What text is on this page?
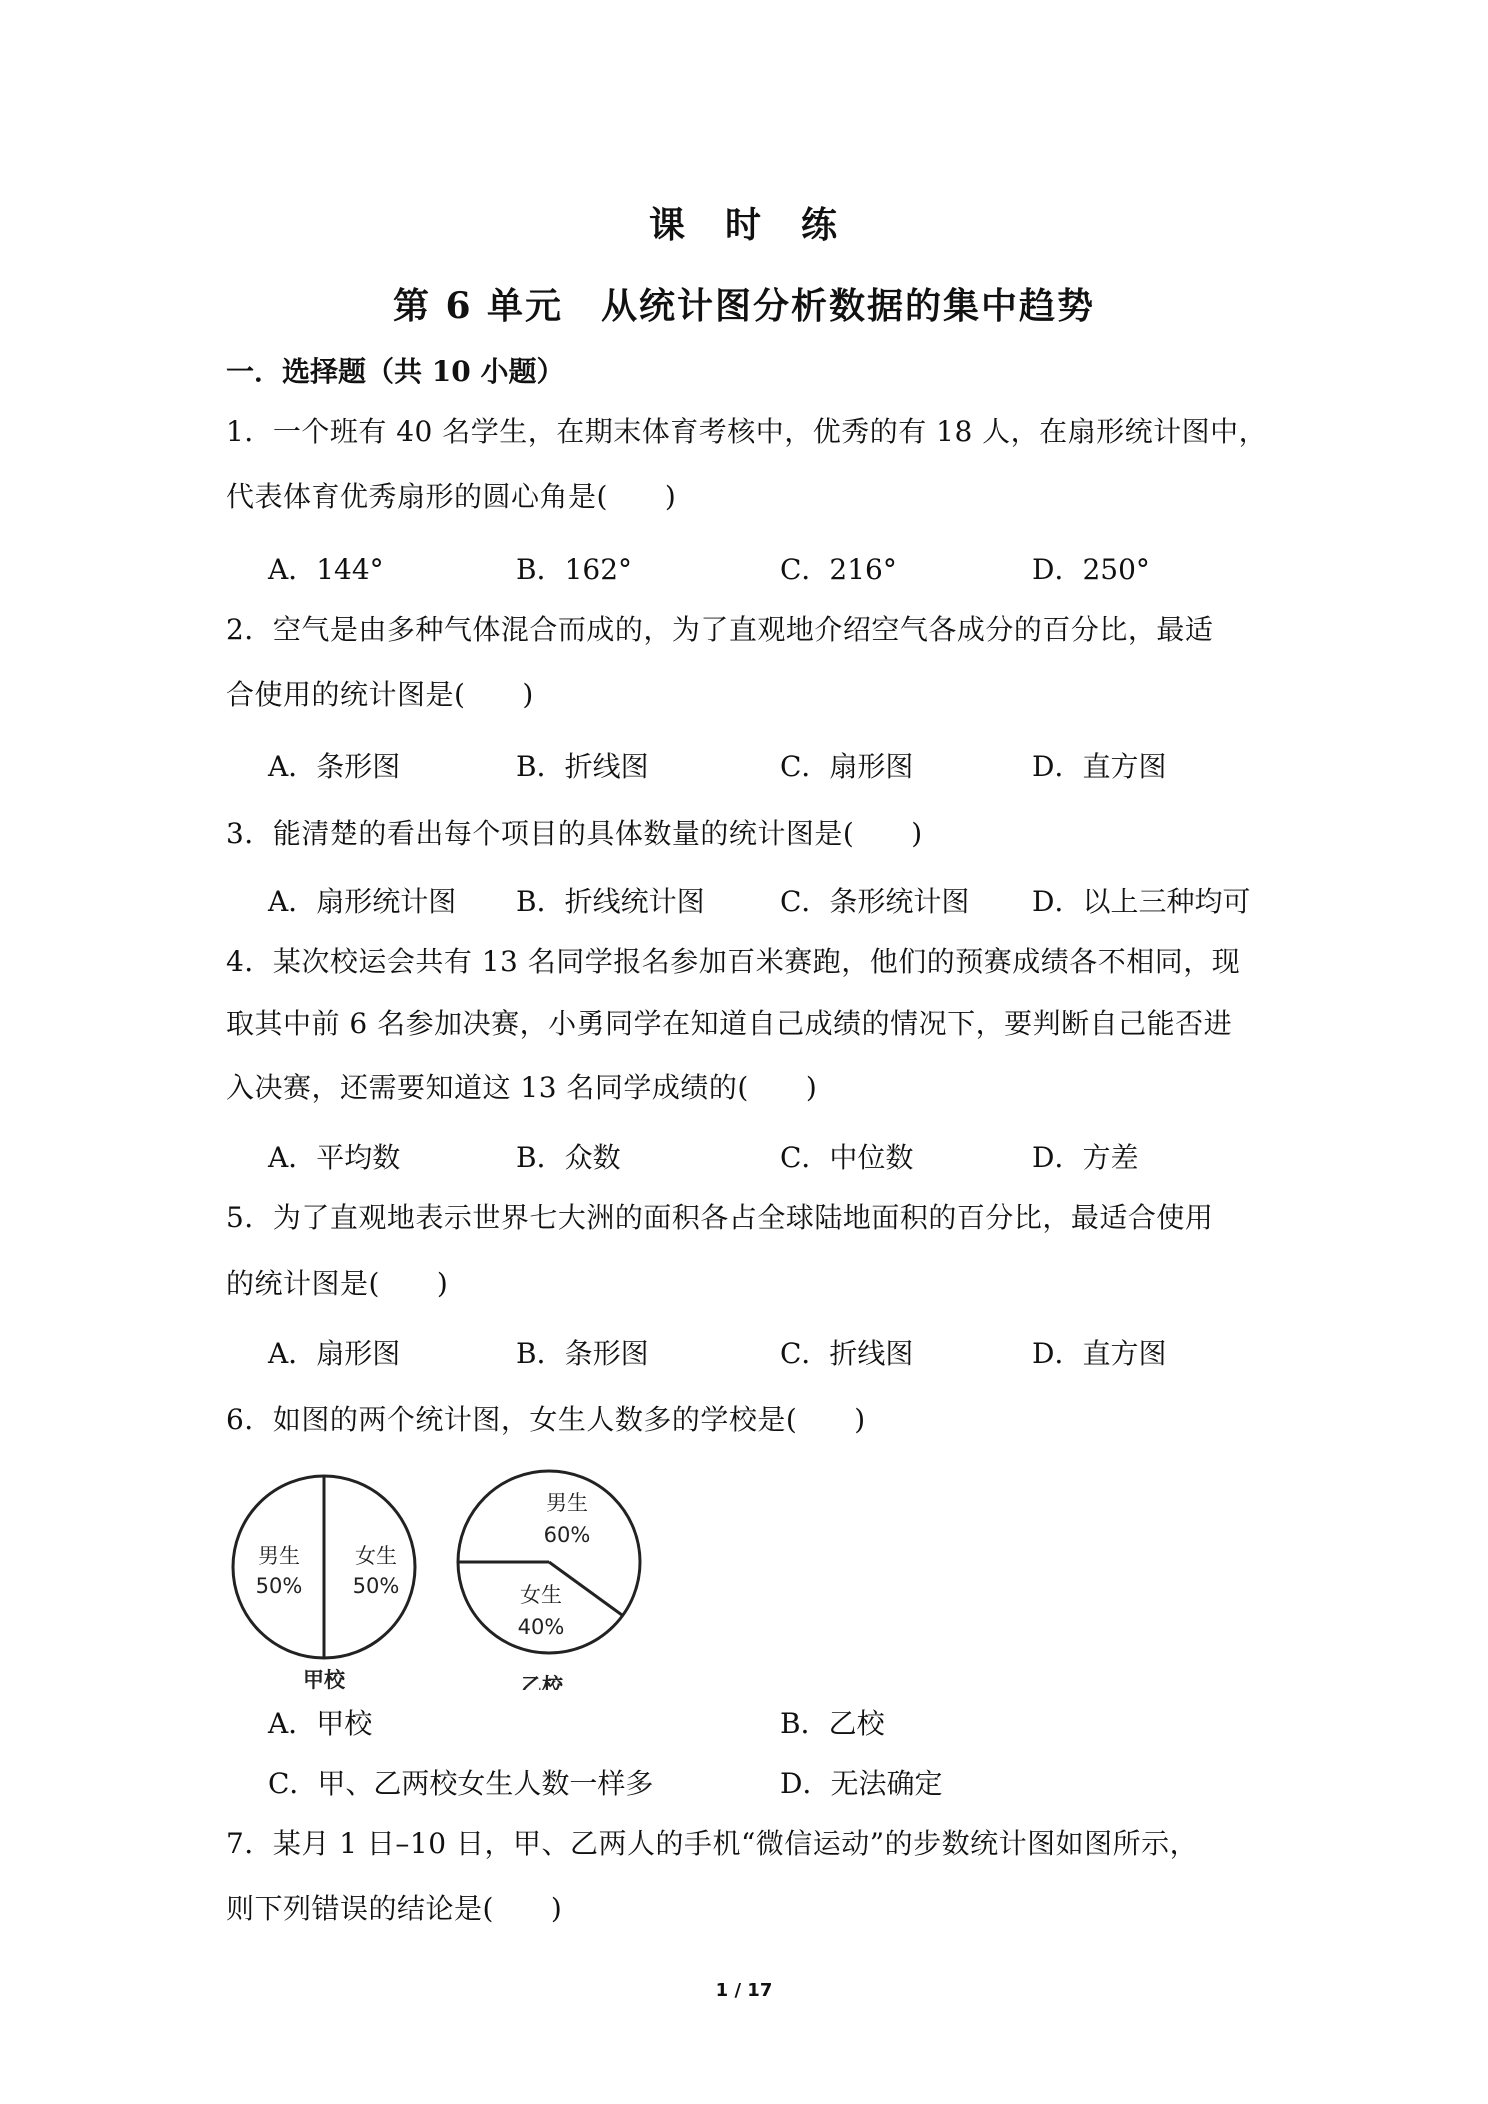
课　时　练
第 6 单元　从统计图分析数据的集中趋势
一．选择题（共 10 小题）
1．一个班有 40 名学生，在期末体育考核中，优秀的有 18 人，在扇形统计图中，
代表体育优秀扇形的圆心角是(　　)
A．144°	B．162°	C．216°	D．250°
2．空气是由多种气体混合而成的，为了直观地介绍空气各成分的百分比，最适
合使用的统计图是(　　)
A．条形图	B．折线图	C．扇形图	D．直方图
3．能清楚的看出每个项目的具体数量的统计图是(　　)
A．扇形统计图 B．折线统计图	C．条形统计图 D．以上三种均可
4．某次校运会共有 13 名同学报名参加百米赛跑，他们的预赛成绩各不相同，现
取其中前 6 名参加决赛，小勇同学在知道自己成绩的情况下，要判断自己能否进
入决赛，还需要知道这 13 名同学成绩的(　　)
A．平均数	B．众数	C．中位数	D．方差
5．为了直观地表示世界七大洲的面积各占全球陆地面积的百分比，最适合使用
的统计图是(　　)
A．扇形图	B．条形图	C．折线图	D．直方图
6．如图的两个统计图，女生人数多的学校是(　　)
男生
50%
女生
50%
甲校
男生
60%
女生
40%
乙校
A．甲校	B．乙校
C．甲、乙两校女生人数一样多	D．无法确定
7．某月 1 日–10 日，甲、乙两人的手机“微信运动”的步数统计图如图所示，
则下列错误的结论是(　　)
1 / 17
